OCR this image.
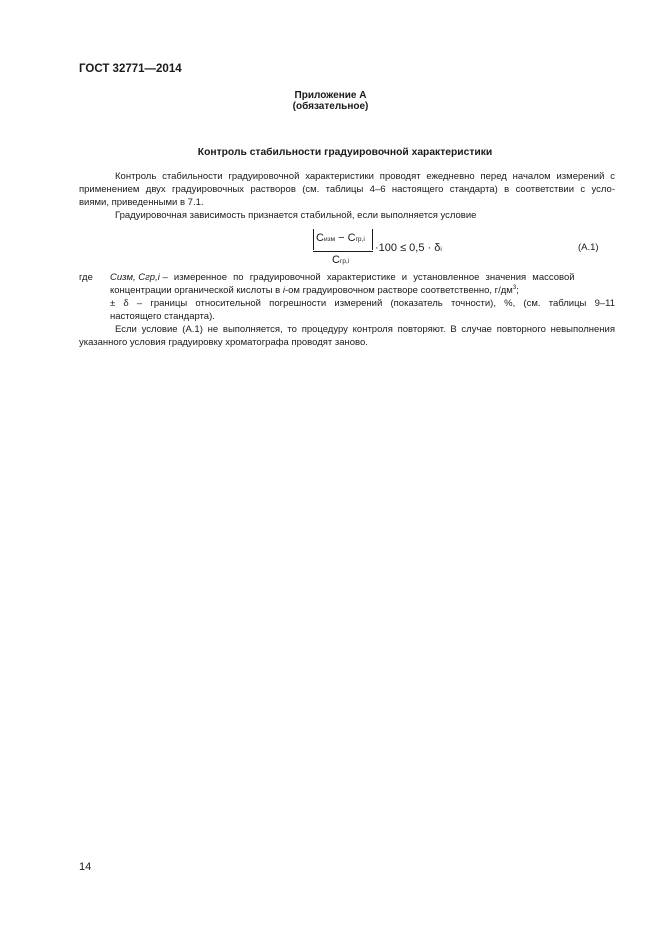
ГОСТ 32771—2014
Приложение А
(обязательное)
Контроль стабильности градуировочной характеристики
Контроль стабильности градуировочной характеристики проводят ежедневно перед началом измерений с
применением двух градуировочных растворов (см. таблицы 4–6 настоящего стандарта) в соответствии с усло-
виями, приведенными в 7.1.
Градуировочная зависимость признается стабильной, если выполняется условие
Cизм − Cгр,i
Cгр,i
·100 ≤ 0,5 · δi	(А.1)
где Cизм, Cгр,i – измеренное по градуировочной характеристике и установленное значения массовой
концентрации органической кислоты в i-ом градуировочном растворе соответственно, $г/дм^3$;
± δ – границы относительной погрешности измерений (показатель точности), %, (см. таблицы 9–11
настоящего стандарта).
Если условие (А.1) не выполняется, то процедуру контроля повторяют. В случае повторного невыполнения
указанного условия градуировку хроматографа проводят заново.
14
